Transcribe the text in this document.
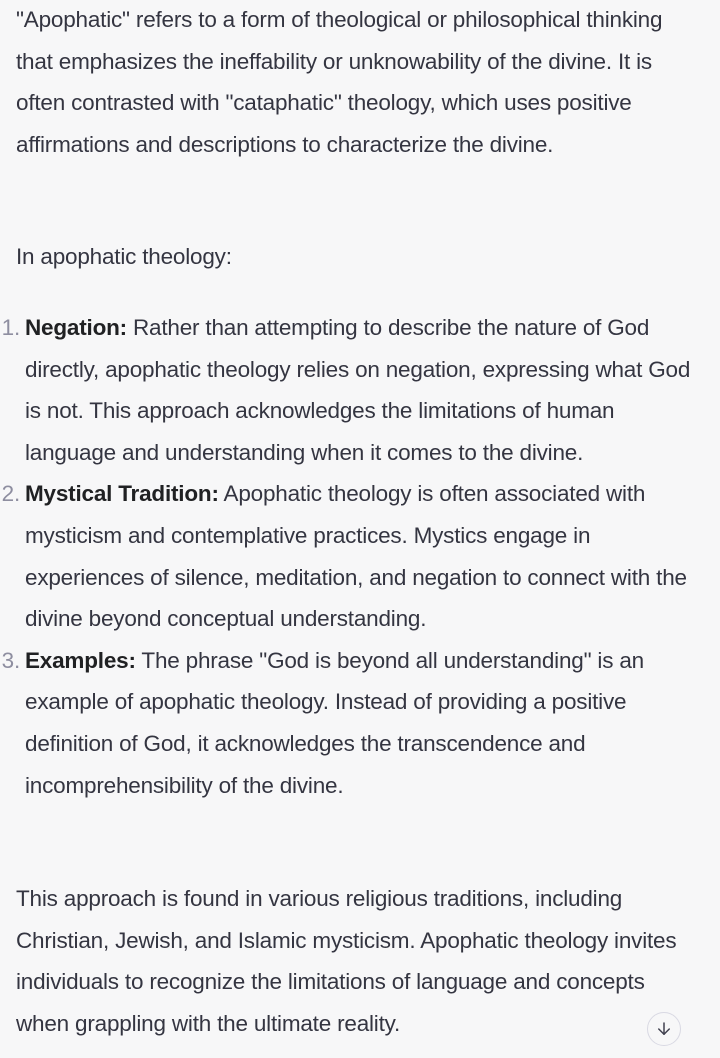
"Apophatic" refers to a form of theological or philosophical thinking that emphasizes the ineffability or unknowability of the divine. It is often contrasted with "cataphatic" theology, which uses positive affirmations and descriptions to characterize the divine.

In apophatic theology:

1. Negation: Rather than attempting to describe the nature of God directly, apophatic theology relies on negation, expressing what God is not. This approach acknowledges the limitations of human language and understanding when it comes to the divine.
2. Mystical Tradition: Apophatic theology is often associated with mysticism and contemplative practices. Mystics engage in experiences of silence, meditation, and negation to connect with the divine beyond conceptual understanding.
3. Examples: The phrase "God is beyond all understanding" is an example of apophatic theology. Instead of providing a positive definition of God, it acknowledges the transcendence and incomprehensibility of the divine.

This approach is found in various religious traditions, including Christian, Jewish, and Islamic mysticism. Apophatic theology invites individuals to recognize the limitations of language and concepts when grappling with the ultimate reality.
